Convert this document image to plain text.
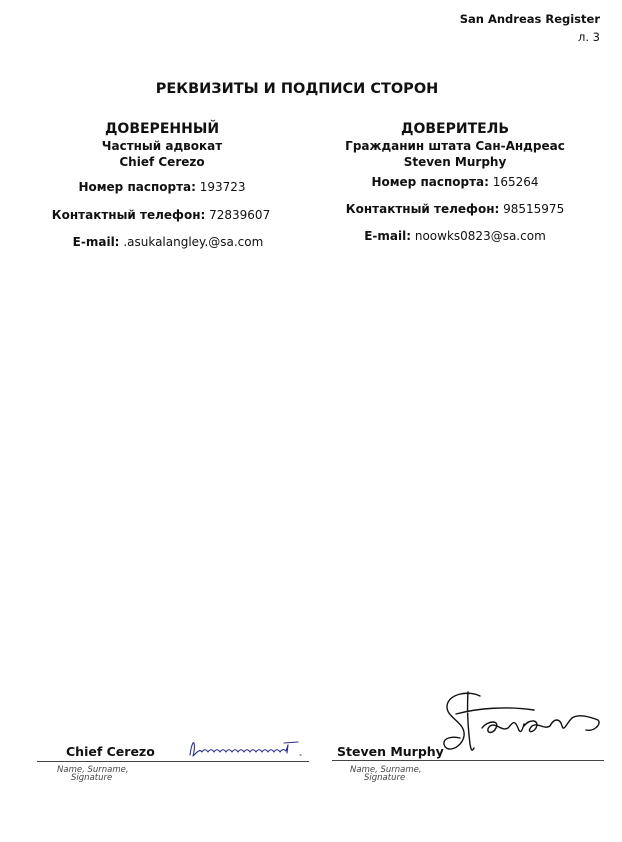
San Andreas Register
л. 3
РЕКВИЗИТЫ И ПОДПИСИ СТОРОН
ДОВЕРЕННЫЙ
Частный адвокат
Chief Cerezo
Номер паспорта: 193723
Контактный телефон: 72839607
E-mail: .asukalangley.@sa.com
ДОВЕРИТЕЛЬ
Гражданин штата Сан-Андреас
Steven Murphy
Номер паспорта: 165264
Контактный телефон: 98515975
E-mail: noowks0823@sa.com
Chief Cerezo
Name, Surname,
Signature
Steven Murphy
Name, Surname,
Signature
